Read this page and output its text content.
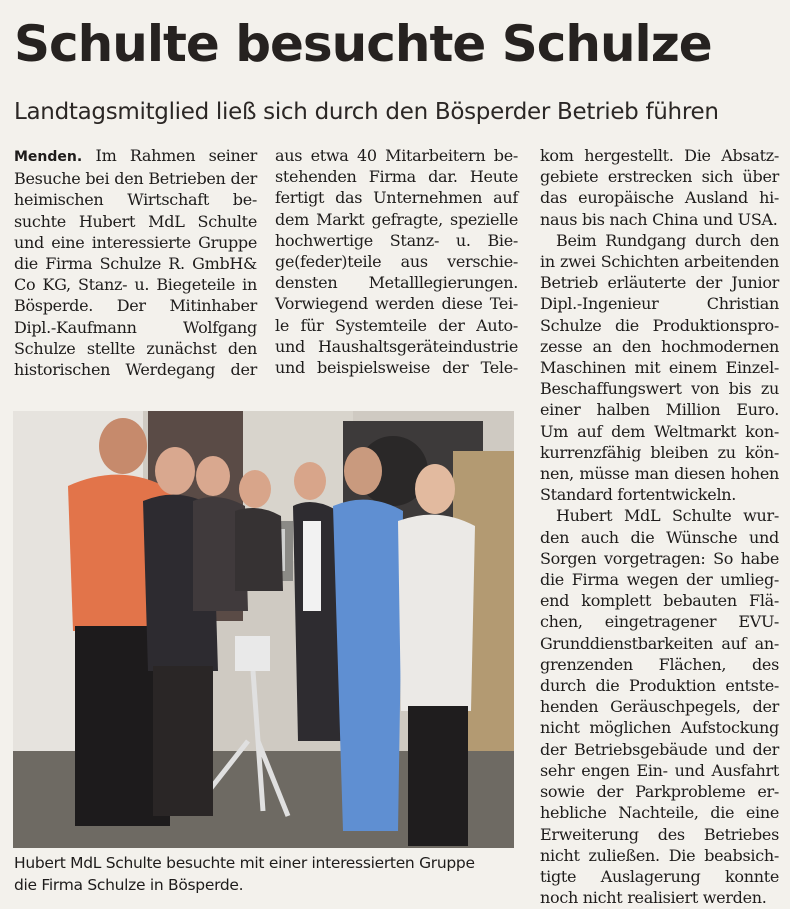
Schulte besuchte Schulze
Landtagsmitglied ließ sich durch den Bösperder Betrieb führen
Menden. Im Rahmen seiner
Besuche bei den Betrieben der
heimischen Wirtschaft be-
suchte Hubert MdL Schulte
und eine interessierte Gruppe
die Firma Schulze R. GmbH&
Co KG, Stanz- u. Biegeteile in
Bösperde. Der Mitinhaber
Dipl.-Kaufmann Wolfgang
Schulze stellte zunächst den
historischen Werdegang der
aus etwa 40 Mitarbeitern be-
stehenden Firma dar. Heute
fertigt das Unternehmen auf
dem Markt gefragte, spezielle
hochwertige Stanz- u. Bie-
ge(feder)teile aus verschie-
densten Metalllegierungen.
Vorwiegend werden diese Tei-
le für Systemteile der Auto-
und Haushaltsgeräteindustrie
und beispielsweise der Tele-
kom hergestellt. Die Absatz-
gebiete erstrecken sich über
das europäische Ausland hi-
naus bis nach China und USA.
Beim Rundgang durch den
in zwei Schichten arbeitenden
Betrieb erläuterte der Junior
Dipl.-Ingenieur Christian
Schulze die Produktionspro-
zesse an den hochmodernen
Maschinen mit einem Einzel-
Beschaffungswert von bis zu
einer halben Million Euro.
Um auf dem Weltmarkt kon-
kurrenzfähig bleiben zu kön-
nen, müsse man diesen hohen
Standard fortentwickeln.
Hubert MdL Schulte wur-
den auch die Wünsche und
Sorgen vorgetragen: So habe
die Firma wegen der umlieg-
end komplett bebauten Flä-
chen, eingetragener EVU-
Grunddienstbarkeiten auf an-
grenzenden Flächen, des
durch die Produktion entste-
henden Geräuschpegels, der
nicht möglichen Aufstockung
der Betriebsgebäude und der
sehr engen Ein- und Ausfahrt
sowie der Parkprobleme er-
hebliche Nachteile, die eine
Erweiterung des Betriebes
nicht zuließen. Die beabsich-
tigte Auslagerung konnte
noch nicht realisiert werden.
Hubert MdL Schulte besuchte mit einer interessierten Gruppe
die Firma Schulze in Bösperde.
